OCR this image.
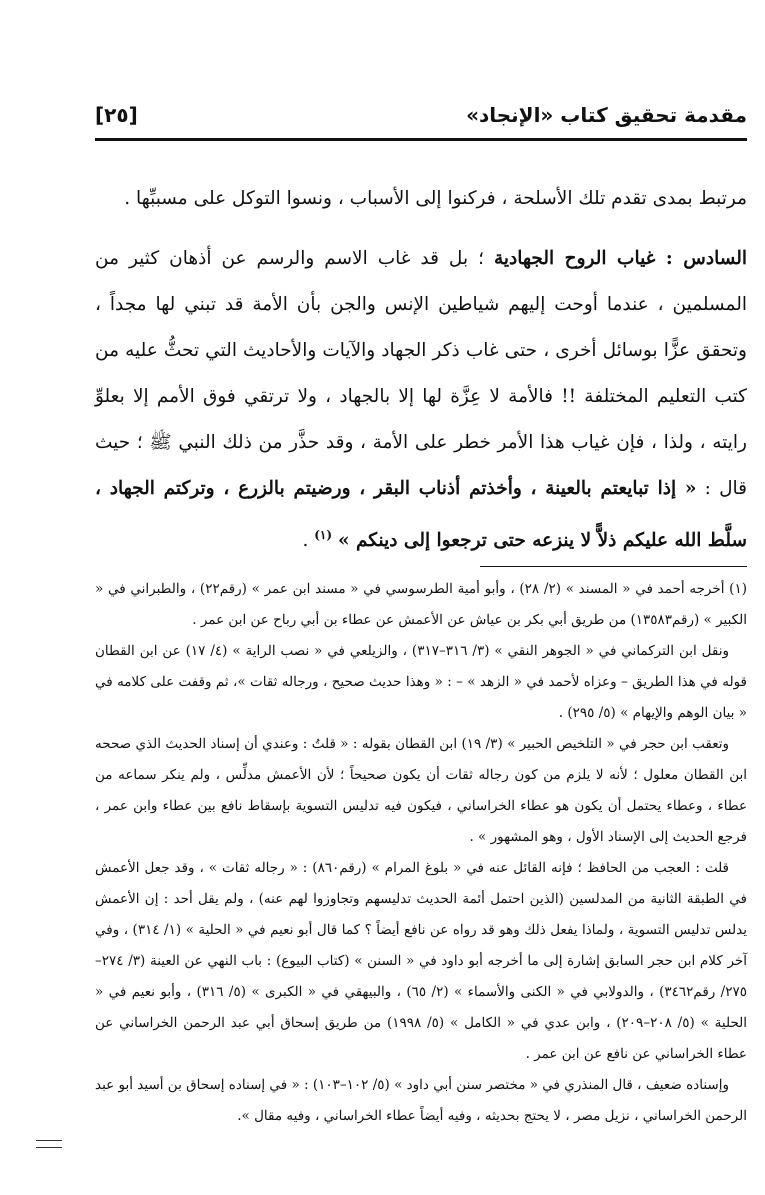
مقدمة تحقيق كتاب «الإنجاد»
[٢٥]

مرتبط بمدى تقدم تلك الأسلحة ، فركنوا إلى الأسباب ، ونسوا التوكل على مسببِّها .

السادس : غياب الروح الجهادية ؛ بل قد غاب الاسم والرسم عن أذهان كثير من المسلمين ، عندما أوحت إليهم شياطين الإنس والجن بأن الأمة قد تبني لها مجداً ، وتحقق عزًّا بوسائل أخرى ، حتى غاب ذكر الجهاد والآيات والأحاديث التي تحثُّ عليه من كتب التعليم المختلفة !! فالأمة لا عِزَّة لها إلا بالجهاد ، ولا ترتقي فوق الأمم إلا بعلوِّ رايته ، ولذا ، فإن غياب هذا الأمر خطر على الأمة ، وقد حذَّر من ذلك النبي ﷺ ؛ حيث قال : « إذا تبايعتم بالعينة ، وأخذتم أذناب البقر ، ورضيتم بالزرع ، وتركتم الجهاد ، سلَّط الله عليكم ذلاًّ لا ينزعه حتى ترجعوا إلى دينكم » $^{(١)}$ .

(١) أخرجه أحمد في « المسند » (٢/ ٢٨) ، وأبو أمية الطرسوسي في « مسند ابن عمر » (رقم٢٢) ، والطبراني في « الكبير » (رقم١٣٥٨٣) من طريق أبي بكر بن عياش عن الأعمش عن عطاء بن أبي رباح عن ابن عمر .

ونقل ابن التركماني في « الجوهر النقي » (٣/ ٣١٦–٣١٧) ، والزيلعي في « نصب الراية » (٤/ ١٧) عن ابن القطان قوله في هذا الطريق – وعزاه لأحمد في « الزهد » – : « وهذا حديث صحيح ، ورجاله ثقات »، ثم وقفت على كلامه في « بيان الوهم والإيهام » (٥/ ٢٩٥) .

وتعقب ابن حجر في « التلخيص الحبير » (٣/ ١٩) ابن القطان بقوله : « قلتُ : وعندي أن إسناد الحديث الذي صححه ابن القطان معلول ؛ لأنه لا يلزم من كون رجاله ثقات أن يكون صحيحاً ؛ لأن الأعمش مدلِّس ، ولم ينكر سماعه من عطاء ، وعطاء يحتمل أن يكون هو عطاء الخراساني ، فيكون فيه تدليس التسوية بإسقاط نافع بين عطاء وابن عمر ، فرجع الحديث إلى الإسناد الأول ، وهو المشهور » .

قلت : العجب من الحافظ ؛ فإنه القائل عنه في « بلوغ المرام » (رقم٨٦٠) : « رجاله ثقات » ، وقد جعل الأعمش في الطبقة الثانية من المدلسين (الذين احتمل أئمة الحديث تدليسهم وتجاوزوا لهم عنه) ، ولم يقل أحد : إن الأعمش يدلس تدليس التسوية ، ولماذا يفعل ذلك وهو قد رواه عن نافع أيضاً ؟ كما قال أبو نعيم في « الحلية » (١/ ٣١٤) ، وفي آخر كلام ابن حجر السابق إشارة إلى ما أخرجه أبو داود في « السنن » (كتاب البيوع) : باب النهي عن العينة (٣/ ٢٧٤–٢٧٥/ رقم٣٤٦٢) ، والدولابي في « الكنى والأسماء » (٢/ ٦٥) ، والبيهقي في « الكبرى » (٥/ ٣١٦) ، وأبو نعيم في « الحلية » (٥/ ٢٠٨–٢٠٩) ، وابن عدي في « الكامل » (٥/ ١٩٩٨) من طريق إسحاق أبي عبد الرحمن الخراساني عن عطاء الخراساني عن نافع عن ابن عمر .

وإسناده ضعيف ، قال المنذري في « مختصر سنن أبي داود » (٥/ ١٠٢–١٠٣) : « في إسناده إسحاق بن أسيد أبو عبد الرحمن الخراساني ، نزيل مصر ، لا يحتج بحديثه ، وفيه أيضاً عطاء الخراساني ، وفيه مقال ».
